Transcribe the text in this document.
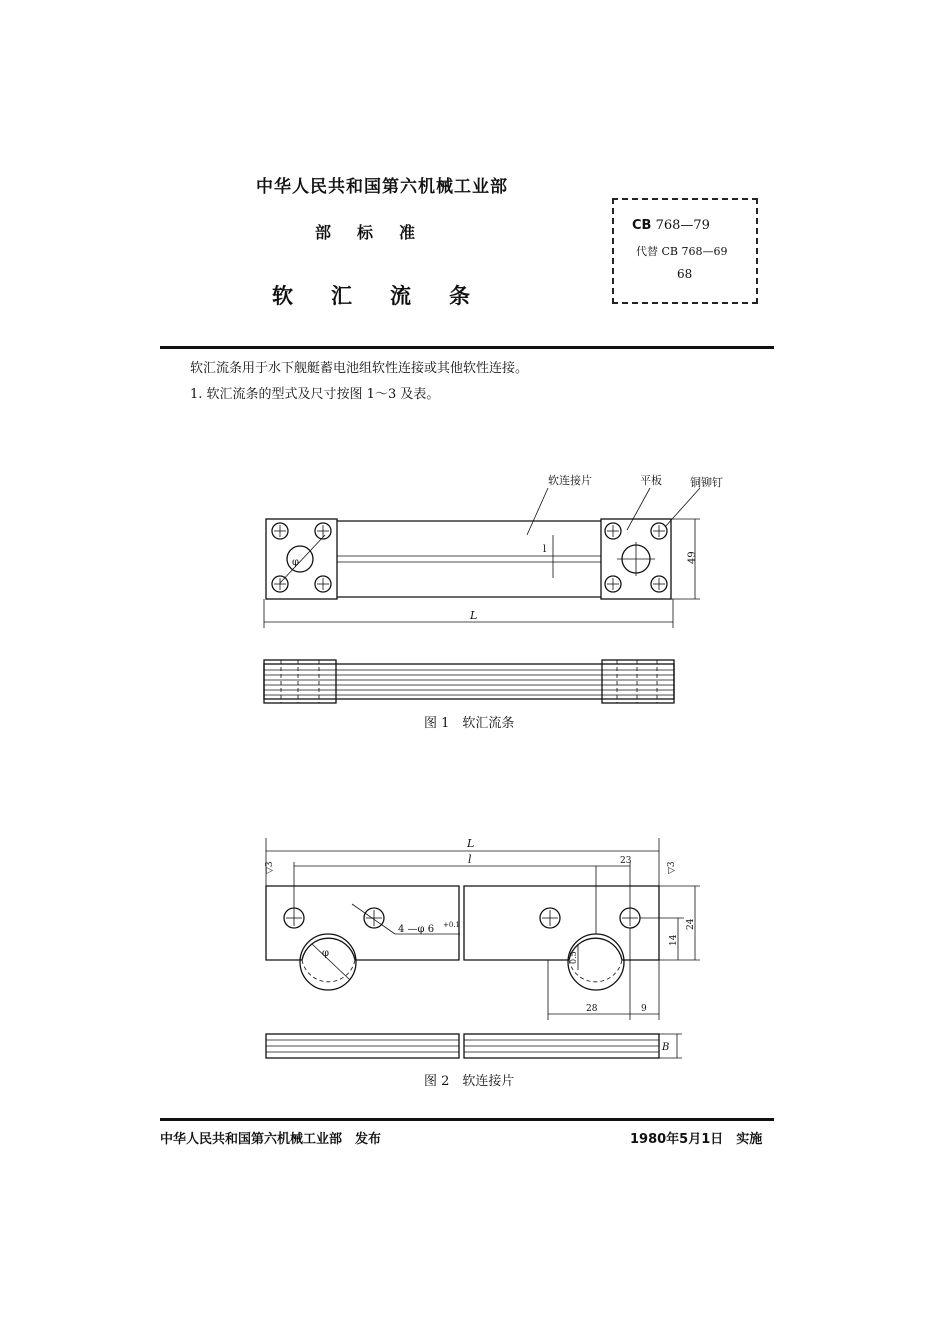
中华人民共和国第六机械工业部
部标准
软汇流条
CB 768—79
代替 CB 768—69
68
软汇流条用于水下舰艇蓄电池组软性连接或其他软性连接。
1. 软汇流条的型式及尺寸按图 1～3 及表。
φ
软连接片	平板	铜铆钉
l
49
L
4 —φ 6 +0.1
φ
L
l	23
▽3	▽3
14
24
0.5
28	9
B
图 1　软汇流条
图 2　软连接片
中华人民共和国第六机械工业部　发布	1980年5月1日　实施
